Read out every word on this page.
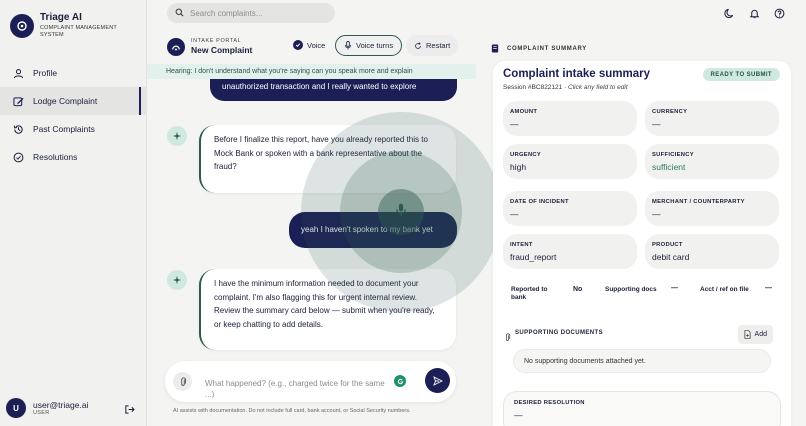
Triage AI
COMPLAINT MANAGEMENT SYSTEM
Profile
Lodge Complaint
Past Complaints
Resolutions
U	user@triage.ai
USER
Search complaints...
INTAKE PORTAL
New Complaint	Voice	Voice turns	Restart
Hearing: I don't understand what you're saying can you speak more and explain
unauthorized transaction and I really wanted to explore
Before I finalize this report, have you already reported this to Mock Bank or spoken with a bank representative about the fraud?
yeah I haven't spoken to my bank yet
I have the minimum information needed to document your complaint. I'm also flagging this for urgent internal review. Review the summary card below — submit when you're ready, or keep chatting to add details.
What happened? (e.g., charged twice for the same ...)
AI assists with documentation. Do not include full card, bank account, or Social Security numbers.
COMPLAINT SUMMARY
Complaint intake summary
Session #BC822121 · Click any field to edit
READY TO SUBMIT
AMOUNT
—
CURRENCY
—
URGENCY
high
SUFFICIENCY
sufficient
DATE OF INCIDENT
—
MERCHANT / COUNTERPARTY
—
INTENT
fraud_report
PRODUCT
debit card
Reported to bank
No	Supporting docs —	Acct / ref on file —
SUPPORTING DOCUMENTS	Add
No supporting documents attached yet.
DESIRED RESOLUTION
—
